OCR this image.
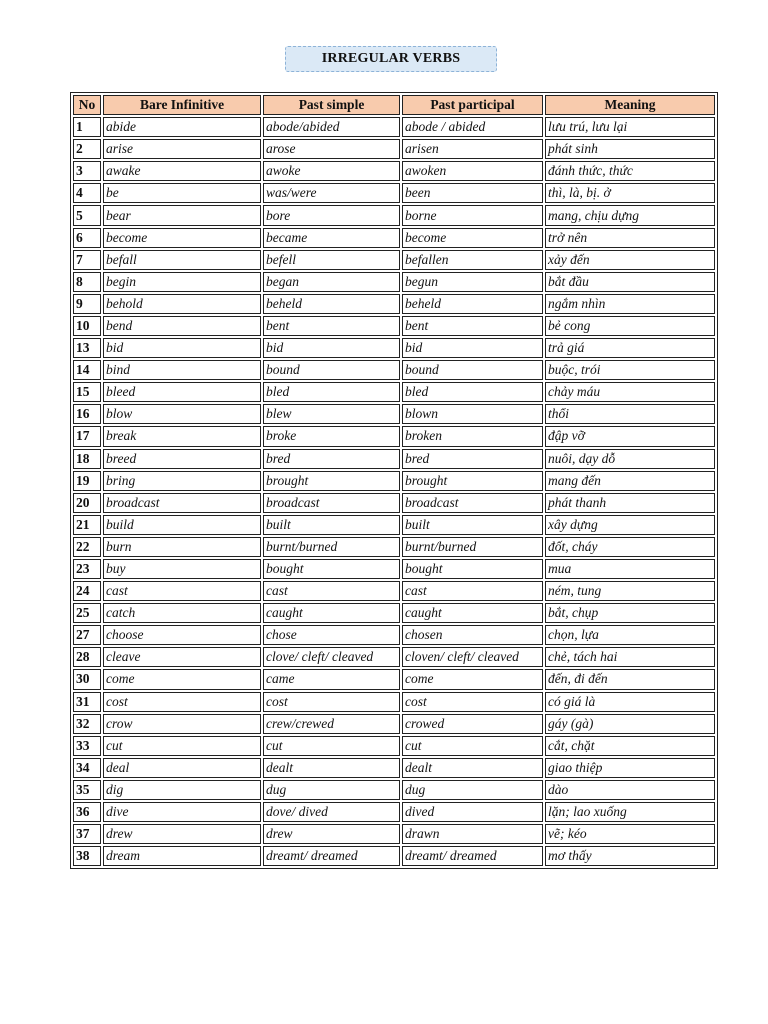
IRREGULAR VERBS
No	Bare Infinitive	Past simple	Past participal	Meaning
1	abide	abode/abided	abode / abided	lưu trú, lưu lại
2	arise	arose	arisen	phát sinh
3	awake	awoke	awoken	đánh thức, thức
4	be	was/were	been	thì, là, bị. ở
5	bear	bore	borne	mang, chịu dựng
6	become	became	become	trở nên
7	befall	befell	befallen	xảy đến
8	begin	began	begun	bắt đầu
9	behold	beheld	beheld	ngắm nhìn
10	bend	bent	bent	bẻ cong
13	bid	bid	bid	trả giá
14	bind	bound	bound	buộc, trói
15	bleed	bled	bled	chảy máu
16	blow	blew	blown	thổi
17	break	broke	broken	đập vỡ
18	breed	bred	bred	nuôi, dạy dỗ
19	bring	brought	brought	mang đến
20	broadcast	broadcast	broadcast	phát thanh
21	build	built	built	xây dựng
22	burn	burnt/burned	burnt/burned	đốt, cháy
23	buy	bought	bought	mua
24	cast	cast	cast	ném, tung
25	catch	caught	caught	bắt, chụp
27	choose	chose	chosen	chọn, lựa
28	cleave	clove/ cleft/ cleaved	cloven/ cleft/ cleaved	chẻ, tách hai
30	come	came	come	đến, đi đến
31	cost	cost	cost	có giá là
32	crow	crew/crewed	crowed	gáy (gà)
33	cut	cut	cut	cắt, chặt
34	deal	dealt	dealt	giao thiệp
35	dig	dug	dug	dào
36	dive	dove/ dived	dived	lặn; lao xuống
37	drew	drew	drawn	vẽ; kéo
38	dream	dreamt/ dreamed	dreamt/ dreamed	mơ thấy
